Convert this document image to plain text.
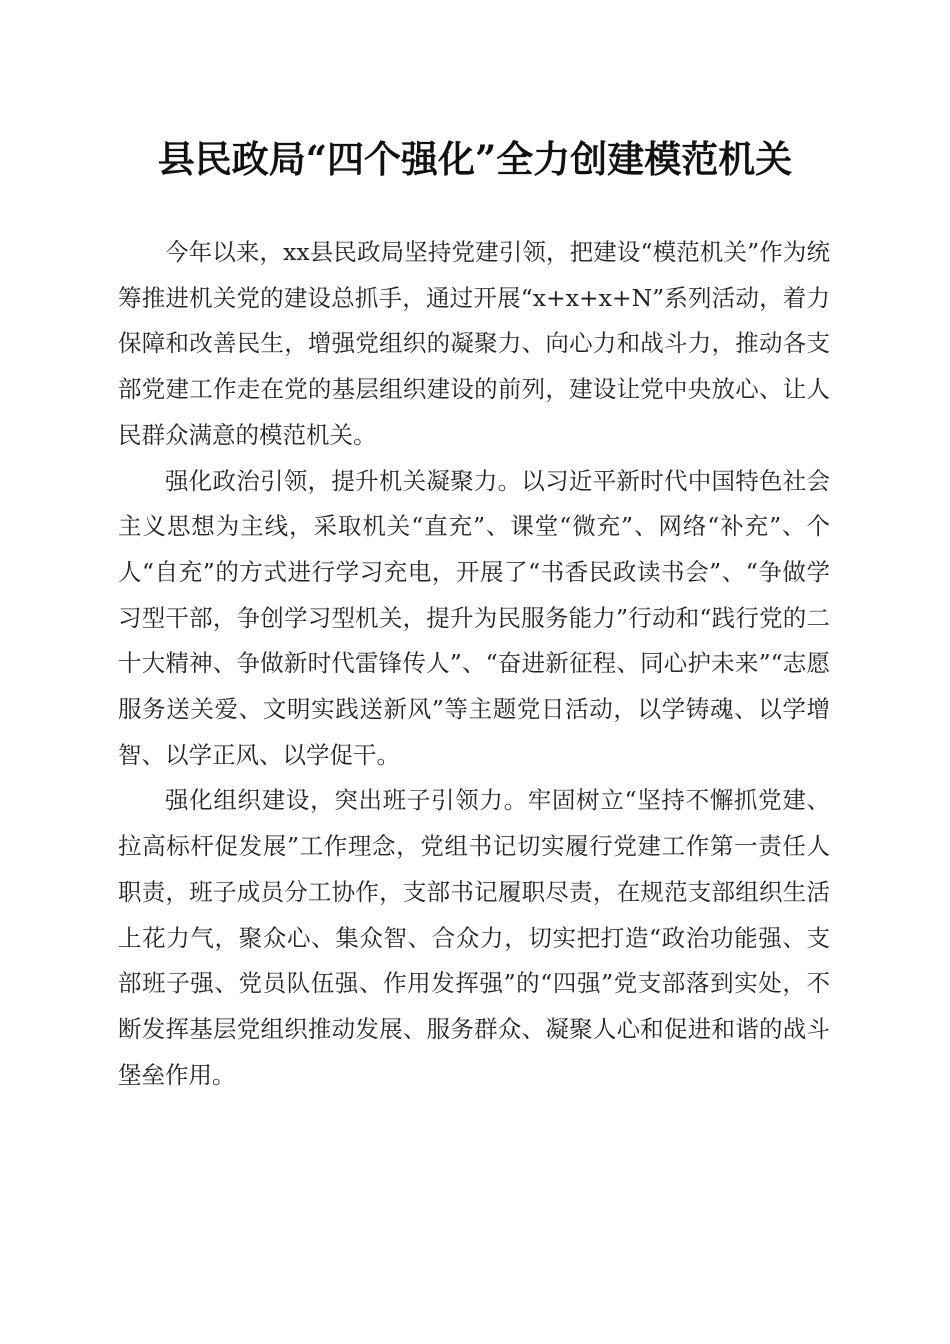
县民政局“四个强化”全力创建模范机关

今年以来，xx县民政局坚持党建引领，把建设“模范机关”作为统筹推进机关党的建设总抓手，通过开展“x+x+x+N”系列活动，着力保障和改善民生，增强党组织的凝聚力、向心力和战斗力，推动各支部党建工作走在党的基层组织建设的前列，建设让党中央放心、让人民群众满意的模范机关。

强化政治引领，提升机关凝聚力。以习近平新时代中国特色社会主义思想为主线，采取机关“直充”、课堂“微充”、网络“补充”、个人“自充”的方式进行学习充电，开展了“书香民政读书会”、“争做学习型干部，争创学习型机关，提升为民服务能力”行动和“践行党的二十大精神、争做新时代雷锋传人”、“奋进新征程、同心护未来”“志愿服务送关爱、文明实践送新风”等主题党日活动，以学铸魂、以学增智、以学正风、以学促干。

强化组织建设，突出班子引领力。牢固树立“坚持不懈抓党建、拉高标杆促发展”工作理念，党组书记切实履行党建工作第一责任人职责，班子成员分工协作，支部书记履职尽责，在规范支部组织生活上花力气，聚众心、集众智、合众力，切实把打造“政治功能强、支部班子强、党员队伍强、作用发挥强”的“四强”党支部落到实处，不断发挥基层党组织推动发展、服务群众、凝聚人心和促进和谐的战斗堡垒作用。
